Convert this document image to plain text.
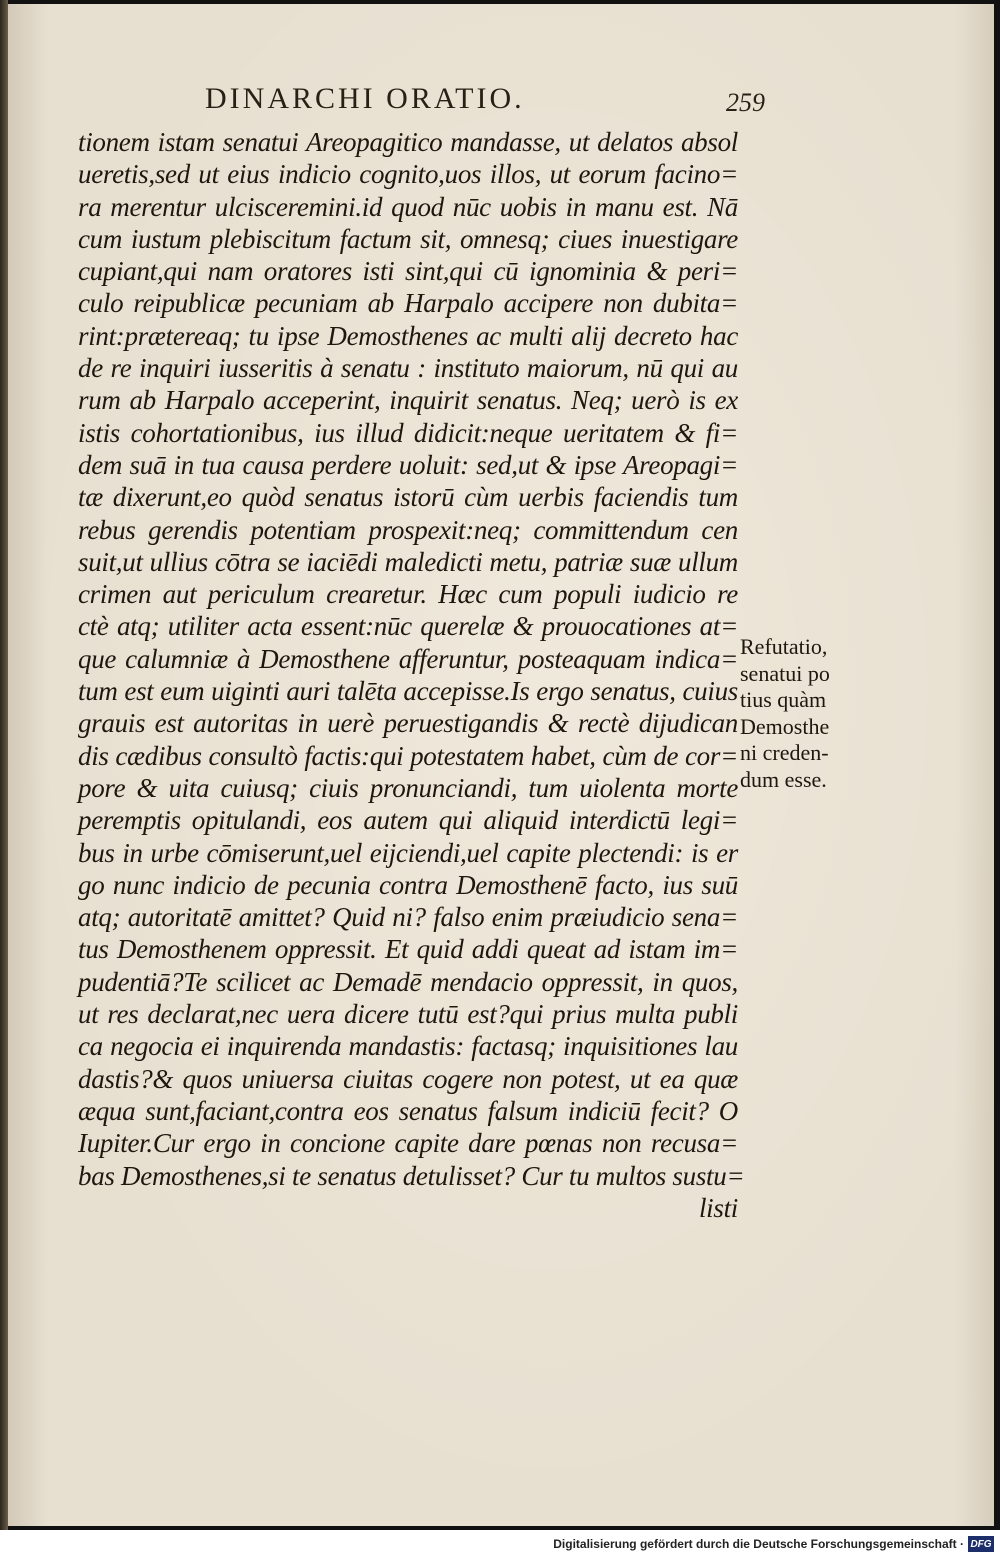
DINARCHI ORATIO.	259
tionem istam senatui Areopagitico mandasse, ut delatos absol
ueretis,sed ut eius indicio cognito,uos illos, ut eorum facino=
ra merentur ulcisceremini.id quod nūc uobis in manu est. Nā
cum iustum plebiscitum factum sit, omnesq; ciues inuestigare
cupiant,qui nam oratores isti sint,qui cū ignominia & peri=
culo reipublicæ pecuniam ab Harpalo accipere non dubita=
rint:prætereaq; tu ipse Demosthenes ac multi alij decreto hac
de re inquiri iusseritis à senatu : instituto maiorum, nū qui au
rum ab Harpalo acceperint, inquirit senatus. Neq; uerò is ex
istis cohortationibus, ius illud didicit:neque ueritatem & fi=
dem suā in tua causa perdere uoluit: sed,ut & ipse Areopagi=
tæ dixerunt,eo quòd senatus istorū cùm uerbis faciendis tum
rebus gerendis potentiam prospexit:neq; committendum cen
suit,ut ullius cōtra se iaciēdi maledicti metu, patriæ suæ ullum
crimen aut periculum crearetur. Hæc cum populi iudicio re
ctè atq; utiliter acta essent:nūc querelæ & prouocationes at=
que calumniæ à Demosthene afferuntur, posteaquam indica=
tum est eum uiginti auri talēta accepisse.Is ergo senatus, cuius
grauis est autoritas in uerè peruestigandis & rectè dijudican
dis cædibus consultò factis:qui potestatem habet, cùm de cor=
pore & uita cuiusq; ciuis pronunciandi, tum uiolenta morte
peremptis opitulandi, eos autem qui aliquid interdictū legi=
bus in urbe cōmiserunt,uel eijciendi,uel capite plectendi: is er
go nunc indicio de pecunia contra Demosthenē facto, ius suū
atq; autoritatē amittet? Quid ni? falso enim præiudicio sena=
tus Demosthenem oppressit. Et quid addi queat ad istam im=
pudentiā?Te scilicet ac Demadē mendacio oppressit, in quos,
ut res declarat,nec uera dicere tutū est?qui prius multa publi
ca negocia ei inquirenda mandastis: factasq; inquisitiones lau
dastis?& quos uniuersa ciuitas cogere non potest, ut ea quæ
æqua sunt,faciant,contra eos senatus falsum indiciū fecit? O
Iupiter.Cur ergo in concione capite dare pœnas non recusa=
bas Demosthenes,si te senatus detulisset? Cur tu multos sustu=
listi
Refutatio,
senatui po
tius quàm
Demosthe
ni creden-
dum esse.
Digitalisierung gefördert durch die Deutsche Forschungsgemeinschaft · DFG
